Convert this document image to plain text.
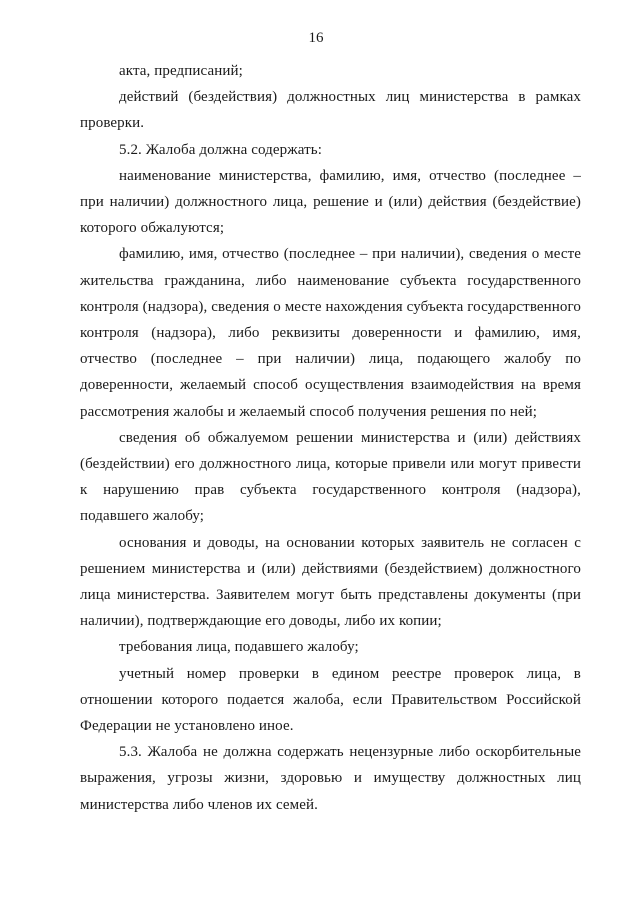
16

акта, предписаний;

действий (бездействия) должностных лиц министерства в рамках проверки.

5.2. Жалоба должна содержать:

наименование министерства, фамилию, имя, отчество (последнее – при наличии) должностного лица, решение и (или) действия (бездействие) которого обжалуются;

фамилию, имя, отчество (последнее – при наличии), сведения о месте жительства гражданина, либо наименование субъекта государственного контроля (надзора), сведения о месте нахождения субъекта государственного контроля (надзора), либо реквизиты доверенности и фамилию, имя, отчество (последнее – при наличии) лица, подающего жалобу по доверенности, желаемый способ осуществления взаимодействия на время рассмотрения жалобы и желаемый способ получения решения по ней;

сведения об обжалуемом решении министерства и (или) действиях (бездействии) его должностного лица, которые привели или могут привести к нарушению прав субъекта государственного контроля (надзора), подавшего жалобу;

основания и доводы, на основании которых заявитель не согласен с решением министерства и (или) действиями (бездействием) должностного лица министерства. Заявителем могут быть представлены документы (при наличии), подтверждающие его доводы, либо их копии;

требования лица, подавшего жалобу;

учетный номер проверки в едином реестре проверок лица, в отношении которого подается жалоба, если Правительством Российской Федерации не установлено иное.

5.3. Жалоба не должна содержать нецензурные либо оскорбительные выражения, угрозы жизни, здоровью и имуществу должностных лиц министерства либо членов их семей.
